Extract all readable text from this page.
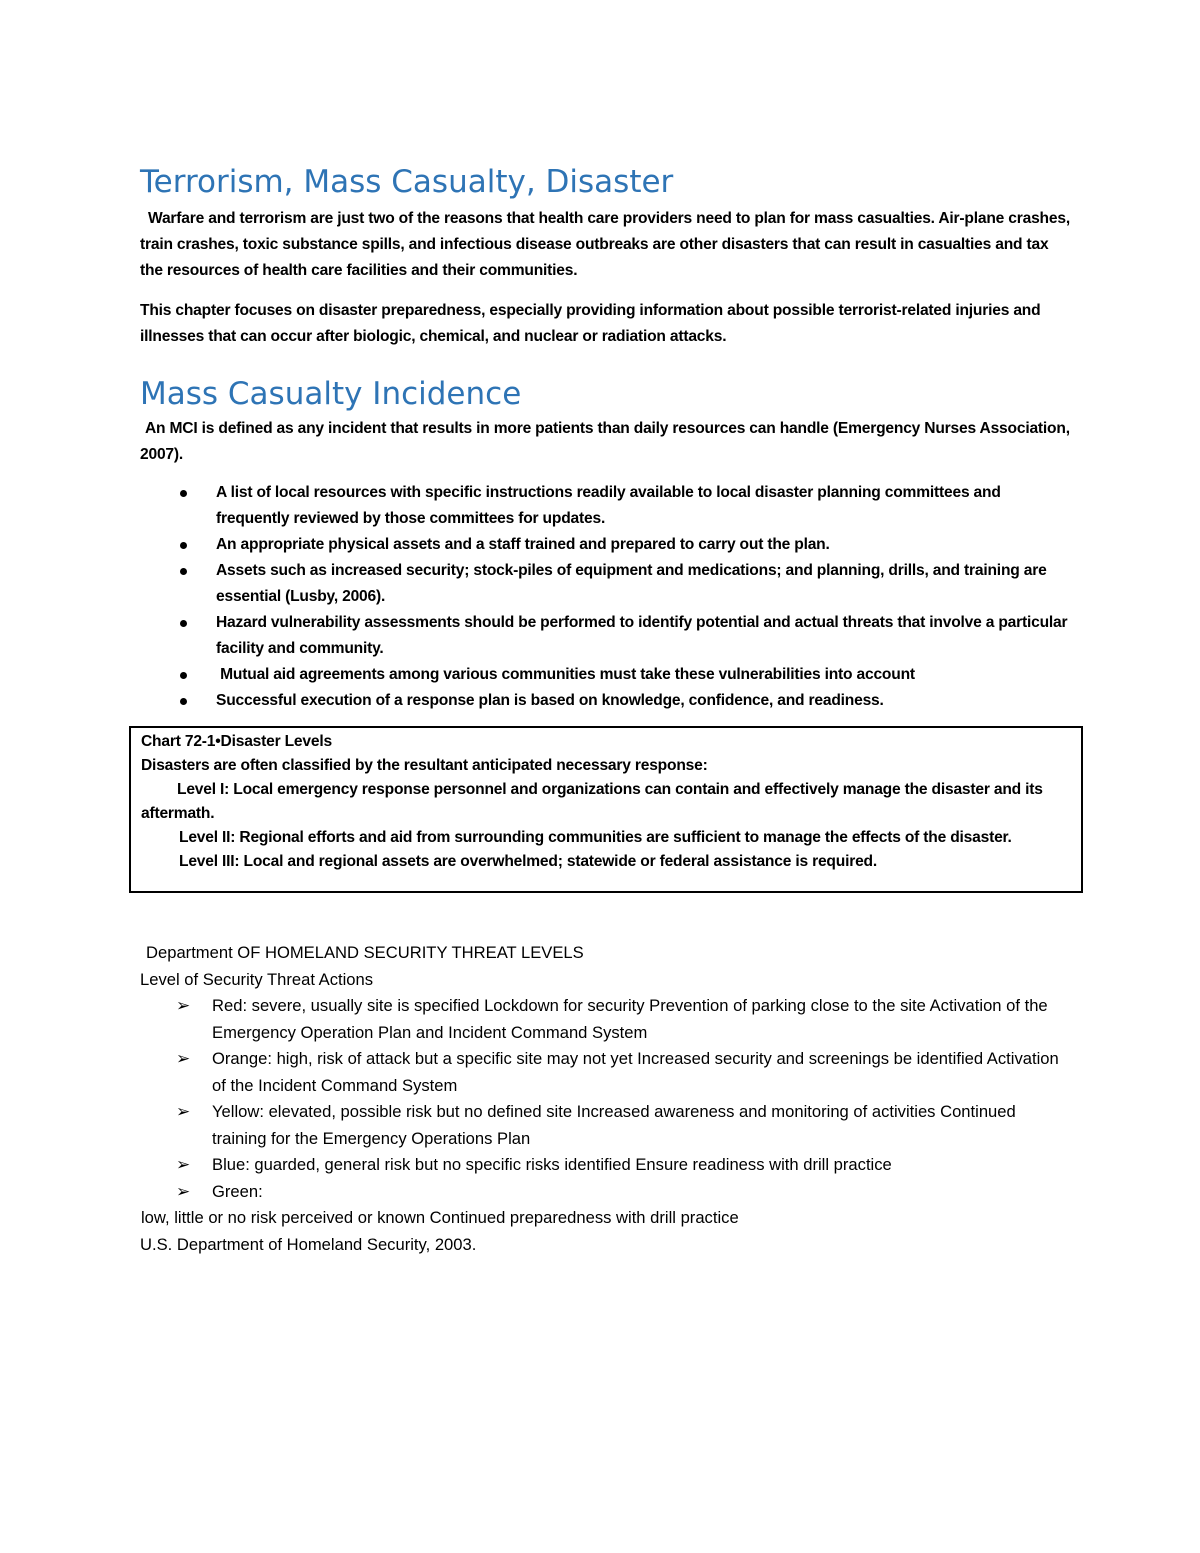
Terrorism, Mass Casualty, Disaster

Warfare and terrorism are just two of the reasons that health care providers need to plan for mass casualties. Air-plane crashes, train crashes, toxic substance spills, and infectious disease outbreaks are other disasters that can result in casualties and tax the resources of health care facilities and their communities.

This chapter focuses on disaster preparedness, especially providing information about possible terrorist-related injuries and illnesses that can occur after biologic, chemical, and nuclear or radiation attacks.

Mass Casualty Incidence

An MCI is defined as any incident that results in more patients than daily resources can handle (Emergency Nurses Association, 2007).

A list of local resources with specific instructions readily available to local disaster planning committees and frequently reviewed by those committees for updates.
An appropriate physical assets and a staff trained and prepared to carry out the plan.
Assets such as increased security; stock-piles of equipment and medications; and planning, drills, and training are essential (Lusby, 2006).
Hazard vulnerability assessments should be performed to identify potential and actual threats that involve a particular facility and community.
Mutual aid agreements among various communities must take these vulnerabilities into account
Successful execution of a response plan is based on knowledge, confidence, and readiness.

Chart 72-1•Disaster Levels

Disasters are often classified by the resultant anticipated necessary response:

Level I: Local emergency response personnel and organizations can contain and effectively manage the disaster and its aftermath.

Level II: Regional efforts and aid from surrounding communities are sufficient to manage the effects of the disaster.

Level III: Local and regional assets are overwhelmed; statewide or federal assistance is required.

Department OF HOMELAND SECURITY THREAT LEVELS

Level of Security Threat Actions

➢ Red: severe, usually site is specified Lockdown for security Prevention of parking close to the site Activation of the Emergency Operation Plan and Incident Command System
➢ Orange: high, risk of attack but a specific site may not yet Increased security and screenings be identified Activation of the Incident Command System
➢ Yellow: elevated, possible risk but no defined site Increased awareness and monitoring of activities Continued training for the Emergency Operations Plan
➢ Blue: guarded, general risk but no specific risks identified Ensure readiness with drill practice
➢ Green:

low, little or no risk perceived or known Continued preparedness with drill practice

U.S. Department of Homeland Security, 2003.
